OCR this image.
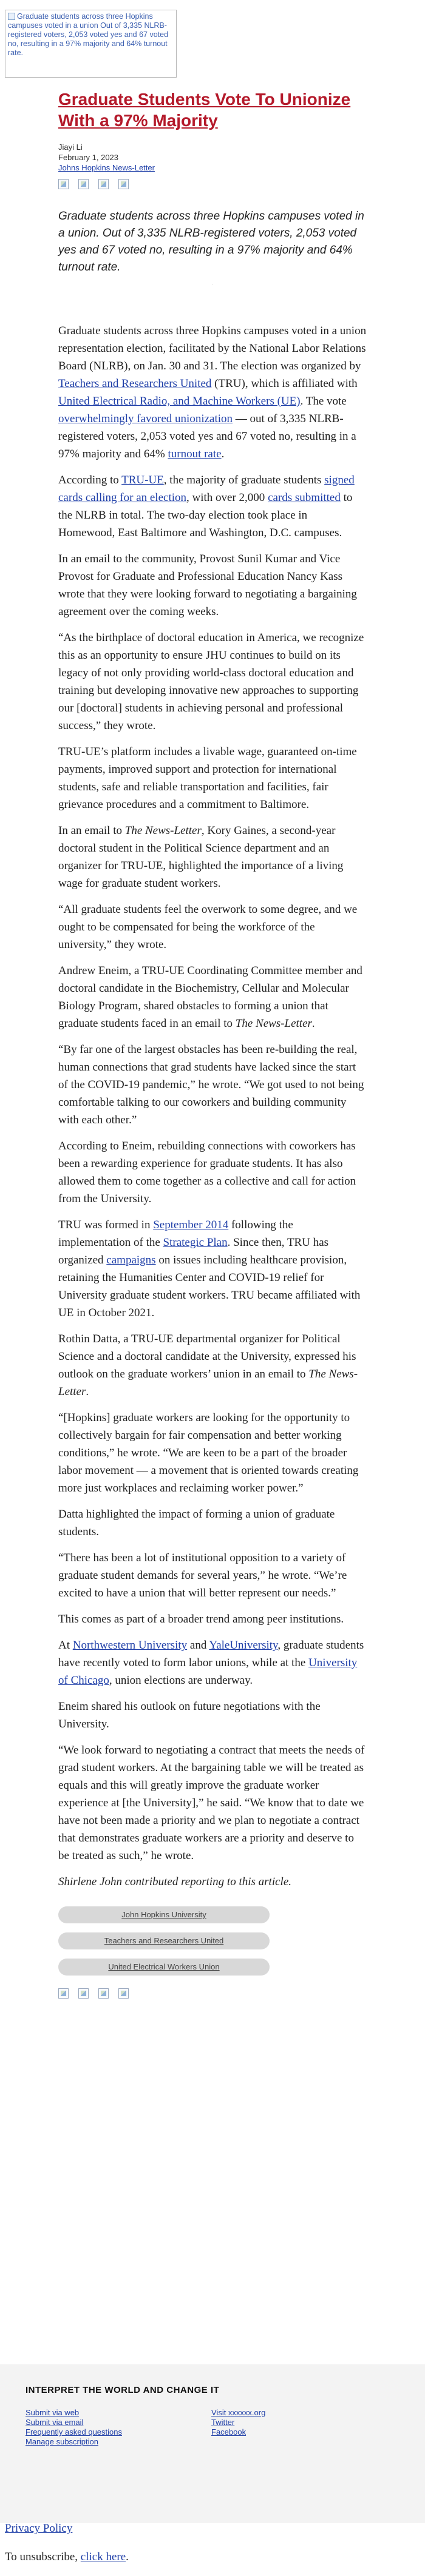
Graduate students across three Hopkins campuses voted in a union Out of 3,335 NLRB-registered voters, 2,053 voted yes and 67 voted no, resulting in a 97% majority and 64% turnout rate.
Graduate Students Vote To Unionize With a 97% Majority
Jiayi Li
February 1, 2023
Johns Hopkins News-Letter

Graduate students across three Hopkins campuses voted in a union. Out of 3,335 NLRB-registered voters, 2,053 voted yes and 67 voted no, resulting in a 97% majority and 64% turnout rate.

·

Graduate students across three Hopkins campuses voted in a union representation election, facilitated by the National Labor Relations Board (NLRB), on Jan. 30 and 31. The election was organized by Teachers and Researchers United (TRU), which is affiliated with United Electrical Radio, and Machine Workers (UE). The vote overwhelmingly favored unionization — out of 3,335 NLRB-registered voters, 2,053 voted yes and 67 voted no, resulting in a 97% majority and 64% turnout rate.

According to TRU-UE, the majority of graduate students signed cards calling for an election, with over 2,000 cards submitted to the NLRB in total. The two-day election took place in Homewood, East Baltimore and Washington, D.C. campuses.

In an email to the community, Provost Sunil Kumar and Vice Provost for Graduate and Professional Education Nancy Kass wrote that they were looking forward to negotiating a bargaining agreement over the coming weeks.

“As the birthplace of doctoral education in America, we recognize this as an opportunity to ensure JHU continues to build on its legacy of not only providing world-class doctoral education and training but developing innovative new approaches to supporting our [doctoral] students in achieving personal and professional success,” they wrote.

TRU-UE’s platform includes a livable wage, guaranteed on-time payments, improved support and protection for international students, safe and reliable transportation and facilities, fair grievance procedures and a commitment to Baltimore.

In an email to The News-Letter, Kory Gaines, a second-year doctoral student in the Political Science department and an organizer for TRU-UE, highlighted the importance of a living wage for graduate student workers.

“All graduate students feel the overwork to some degree, and we ought to be compensated for being the workforce of the university,” they wrote.

Andrew Eneim, a TRU-UE Coordinating Committee member and doctoral candidate in the Biochemistry, Cellular and Molecular Biology Program, shared obstacles to forming a union that graduate students faced in an email to The News-Letter.

“By far one of the largest obstacles has been re-building the real, human connections that grad students have lacked since the start of the COVID-19 pandemic,” he wrote. “We got used to not being comfortable talking to our coworkers and building community with each other.”

According to Eneim, rebuilding connections with coworkers has been a rewarding experience for graduate students. It has also allowed them to come together as a collective and call for action from the University.

TRU was formed in September 2014 following the implementation of the Strategic Plan. Since then, TRU has organized campaigns on issues including healthcare provision, retaining the Humanities Center and COVID-19 relief for University graduate student workers. TRU became affiliated with UE in October 2021.

Rothin Datta, a TRU-UE departmental organizer for Political Science and a doctoral candidate at the University, expressed his outlook on the graduate workers’ union in an email to The News-Letter.

“[Hopkins] graduate workers are looking for the opportunity to collectively bargain for fair compensation and better working conditions,” he wrote. “We are keen to be a part of the broader labor movement — a movement that is oriented towards creating more just workplaces and reclaiming worker power.”

Datta highlighted the impact of forming a union of graduate students.

“There has been a lot of institutional opposition to a variety of graduate student demands for several years,” he wrote. “We’re excited to have a union that will better represent our needs.”

This comes as part of a broader trend among peer institutions.

At Northwestern University and YaleUniversity, graduate students have recently voted to form labor unions, while at the University of Chicago, union elections are underway.

Eneim shared his outlook on future negotiations with the University.

“We look forward to negotiating a contract that meets the needs of grad student workers. At the bargaining table we will be treated as equals and this will greatly improve the graduate worker experience at [the University],” he said. “We know that to date we have not been made a priority and we plan to negotiate a contract that demonstrates graduate workers are a priority and deserve to be treated as such,” he wrote.

Shirlene John contributed reporting to this article.

John Hopkins University
Teachers and Researchers United
United Electrical Workers Union
INTERPRET THE WORLD AND CHANGE IT
Submit via web
Submit via email
Frequently asked questions
Manage subscription
Visit xxxxxx.org
Twitter
Facebook
Privacy Policy
To unsubscribe, click here.
